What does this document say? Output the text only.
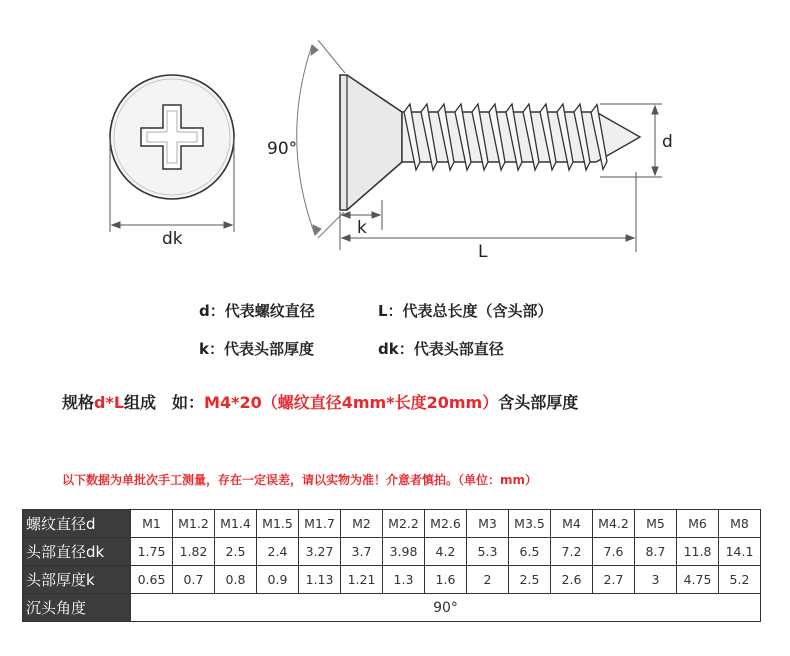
dk
90°
k
L
d
d：代表螺纹直径	L：代表总长度（含头部）
k：代表头部厚度	dk：代表头部直径
规格d*L组成　如：M4*20（螺纹直径4mm*长度20mm）含头部厚度
以下数据为单批次手工测量，存在一定误差，请以实物为准！介意者慎拍。（单位：mm）
螺纹直径d	M1	M1.2	M1.4	M1.5	M1.7	M2	M2.2	M2.6	M3	M3.5	M4	M4.2	M5	M6	M8
头部直径dk	1.75	1.82	2.5	2.4	3.27	3.7	3.98	4.2	5.3	6.5	7.2	7.6	8.7	11.8	14.1
头部厚度k	0.65	0.7	0.8	0.9	1.13	1.21	1.3	1.6	2	2.5	2.6	2.7	3	4.75	5.2
沉头角度	90°														
